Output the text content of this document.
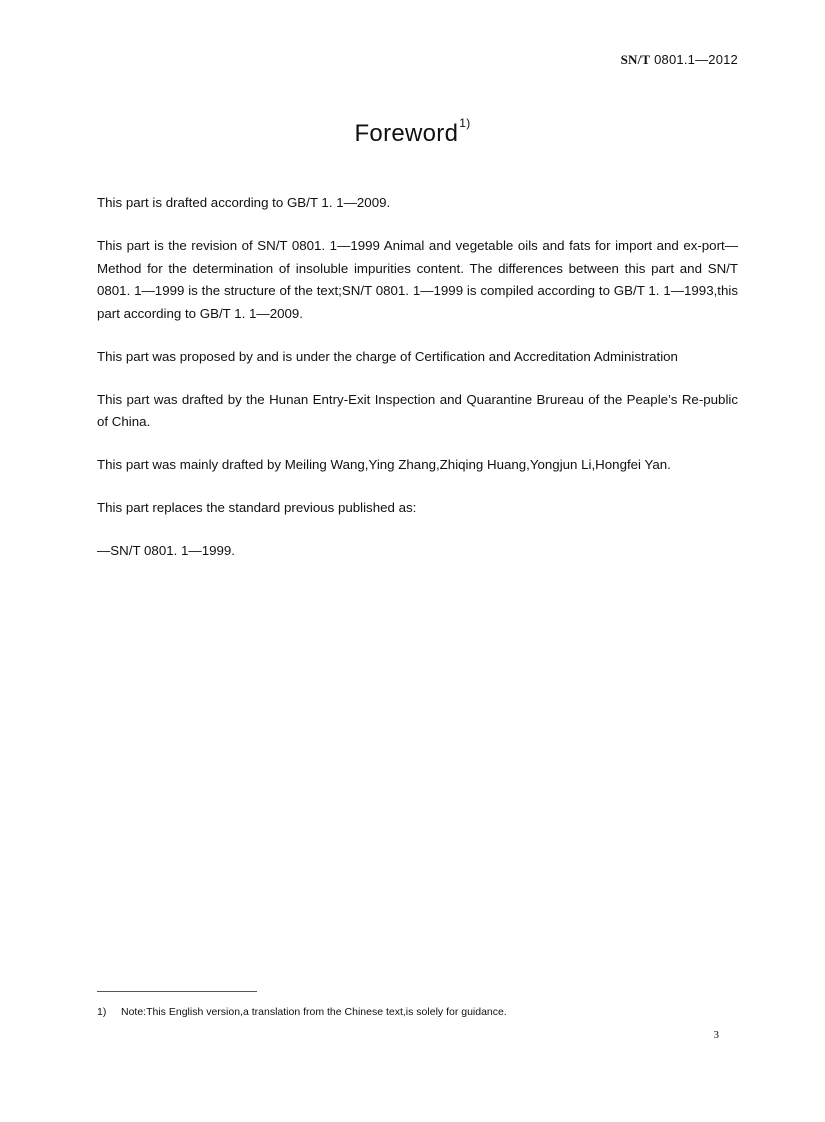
SN/T 0801.1—2012
Foreword$^{1)}$

This part is drafted according to GB/T 1. 1—2009.

This part is the revision of SN/T 0801. 1—1999 Animal and vegetable oils and fats for import and ex-port—Method for the determination of insoluble impurities content. The differences between this part and SN/T 0801. 1—1999 is the structure of the text;SN/T 0801. 1—1999 is compiled according to GB/T 1. 1—1993,this part according to GB/T 1. 1—2009.

This part was proposed by and is under the charge of Certification and Accreditation Administration

This part was drafted by the Hunan Entry-Exit Inspection and Quarantine Brureau of the Peaple’s Re-public of China.

This part was mainly drafted by Meiling Wang,Ying Zhang,Zhiqing Huang,Yongjun Li,Hongfei Yan.

This part replaces the standard previous published as:

—SN/T 0801. 1—1999.

1) Note:This English version,a translation from the Chinese text,is solely for guidance.
3
